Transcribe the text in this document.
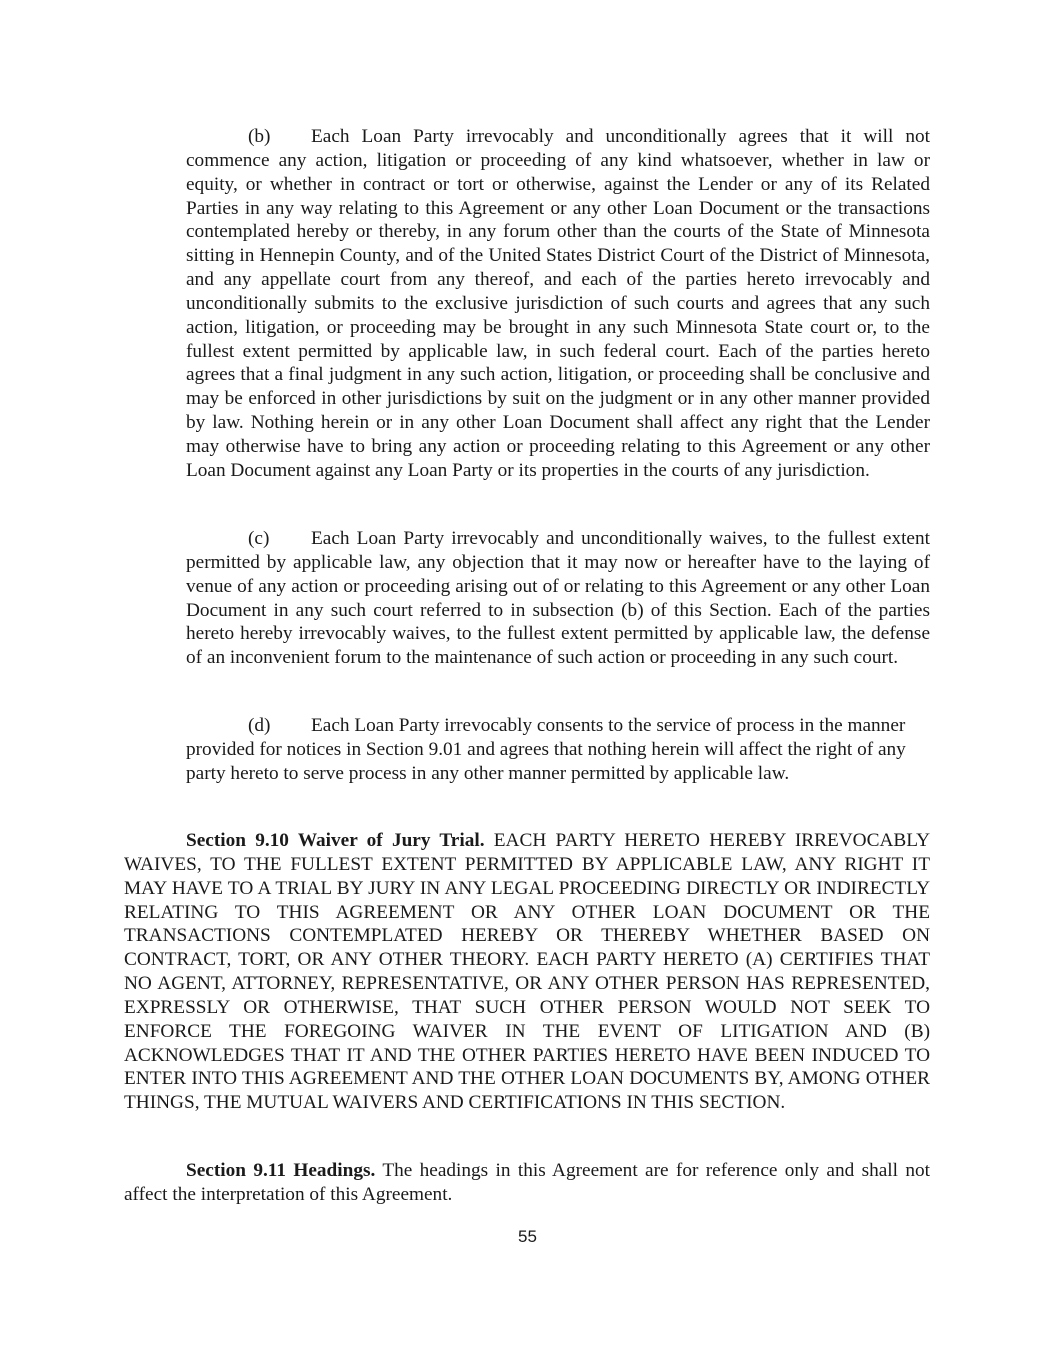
(b) Each Loan Party irrevocably and unconditionally agrees that it will not commence any action, litigation or proceeding of any kind whatsoever, whether in law or equity, or whether in contract or tort or otherwise, against the Lender or any of its Related Parties in any way relating to this Agreement or any other Loan Document or the transactions contemplated hereby or thereby, in any forum other than the courts of the State of Minnesota sitting in Hennepin County, and of the United States District Court of the District of Minnesota, and any appellate court from any thereof, and each of the parties hereto irrevocably and unconditionally submits to the exclusive jurisdiction of such courts and agrees that any such action, litigation, or proceeding may be brought in any such Minnesota State court or, to the fullest extent permitted by applicable law, in such federal court. Each of the parties hereto agrees that a final judgment in any such action, litigation, or proceeding shall be conclusive and may be enforced in other jurisdictions by suit on the judgment or in any other manner provided by law. Nothing herein or in any other Loan Document shall affect any right that the Lender may otherwise have to bring any action or proceeding relating to this Agreement or any other Loan Document against any Loan Party or its properties in the courts of any jurisdiction.

(c) Each Loan Party irrevocably and unconditionally waives, to the fullest extent permitted by applicable law, any objection that it may now or hereafter have to the laying of venue of any action or proceeding arising out of or relating to this Agreement or any other Loan Document in any such court referred to in subsection (b) of this Section. Each of the parties hereto hereby irrevocably waives, to the fullest extent permitted by applicable law, the defense of an inconvenient forum to the maintenance of such action or proceeding in any such court.

(d) Each Loan Party irrevocably consents to the service of process in the manner provided for notices in Section 9.01 and agrees that nothing herein will affect the right of any party hereto to serve process in any other manner permitted by applicable law.

Section 9.10 Waiver of Jury Trial. EACH PARTY HERETO HEREBY IRREVOCABLY WAIVES, TO THE FULLEST EXTENT PERMITTED BY APPLICABLE LAW, ANY RIGHT IT MAY HAVE TO A TRIAL BY JURY IN ANY LEGAL PROCEEDING DIRECTLY OR INDIRECTLY RELATING TO THIS AGREEMENT OR ANY OTHER LOAN DOCUMENT OR THE TRANSACTIONS CONTEMPLATED HEREBY OR THEREBY WHETHER BASED ON CONTRACT, TORT, OR ANY OTHER THEORY. EACH PARTY HERETO (A) CERTIFIES THAT NO AGENT, ATTORNEY, REPRESENTATIVE, OR ANY OTHER PERSON HAS REPRESENTED, EXPRESSLY OR OTHERWISE, THAT SUCH OTHER PERSON WOULD NOT SEEK TO ENFORCE THE FOREGOING WAIVER IN THE EVENT OF LITIGATION AND (B) ACKNOWLEDGES THAT IT AND THE OTHER PARTIES HERETO HAVE BEEN INDUCED TO ENTER INTO THIS AGREEMENT AND THE OTHER LOAN DOCUMENTS BY, AMONG OTHER THINGS, THE MUTUAL WAIVERS AND CERTIFICATIONS IN THIS SECTION.

Section 9.11 Headings. The headings in this Agreement are for reference only and shall not affect the interpretation of this Agreement.

55
